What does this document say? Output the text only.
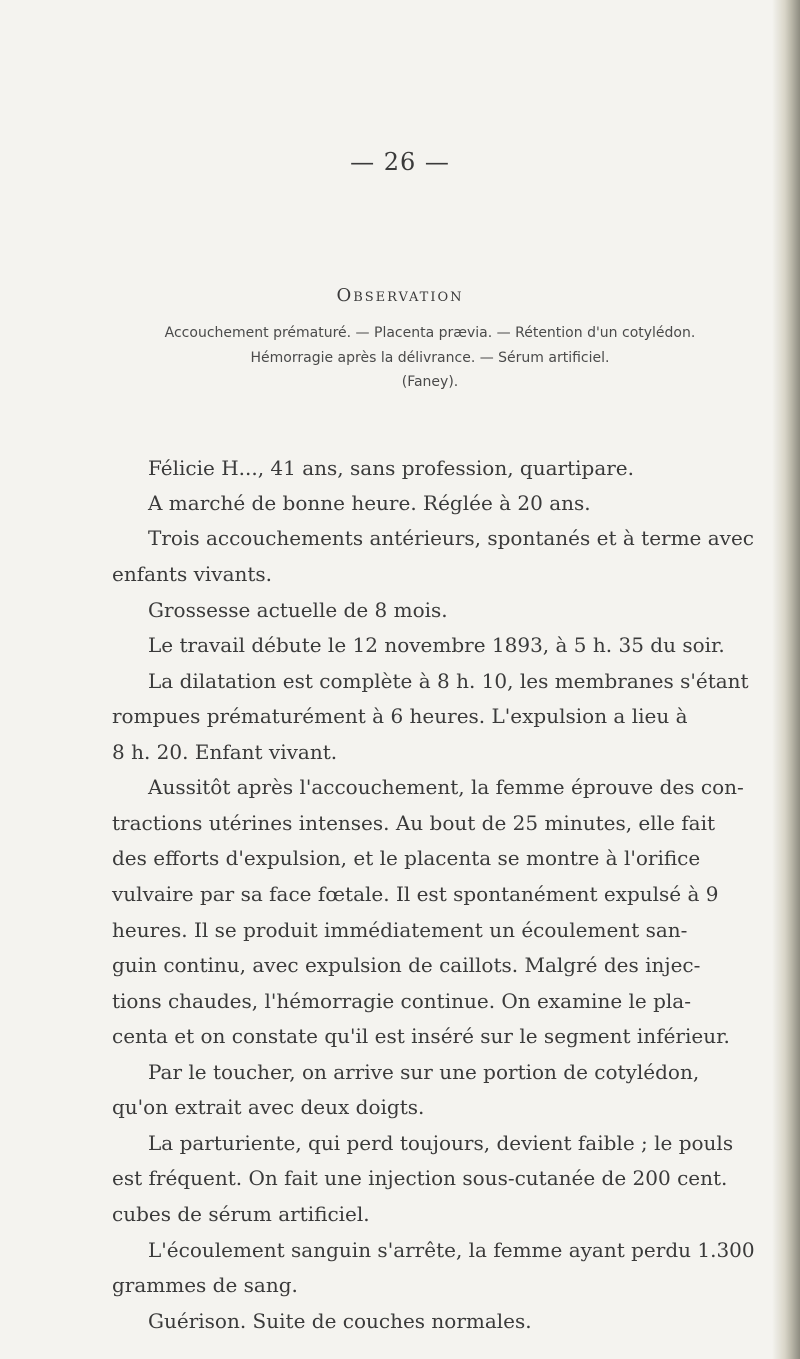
— 26 —
Observation
Accouchement prématuré. — Placenta prævia. — Rétention d'un cotylédon.
Hémorragie après la délivrance. — Sérum artificiel.
(Faney).
Félicie H..., 41 ans, sans profession, quartipare.
A marché de bonne heure. Réglée à 20 ans.
Trois accouchements antérieurs, spontanés et à terme avec
enfants vivants.
Grossesse actuelle de 8 mois.
Le travail débute le 12 novembre 1893, à 5 h. 35 du soir.
La dilatation est complète à 8 h. 10, les membranes s'étant
rompues prématurément à 6 heures. L'expulsion a lieu à
8 h. 20. Enfant vivant.
Aussitôt après l'accouchement, la femme éprouve des con-
tractions utérines intenses. Au bout de 25 minutes, elle fait
des efforts d'expulsion, et le placenta se montre à l'orifice
vulvaire par sa face fœtale. Il est spontanément expulsé à 9
heures. Il se produit immédiatement un écoulement san-
guin continu, avec expulsion de caillots. Malgré des injec-
tions chaudes, l'hémorragie continue. On examine le pla-
centa et on constate qu'il est inséré sur le segment inférieur.
Par le toucher, on arrive sur une portion de cotylédon,
qu'on extrait avec deux doigts.
La parturiente, qui perd toujours, devient faible ; le pouls
est fréquent. On fait une injection sous-cutanée de 200 cent.
cubes de sérum artificiel.
L'écoulement sanguin s'arrête, la femme ayant perdu 1.300
grammes de sang.
Guérison. Suite de couches normales.
